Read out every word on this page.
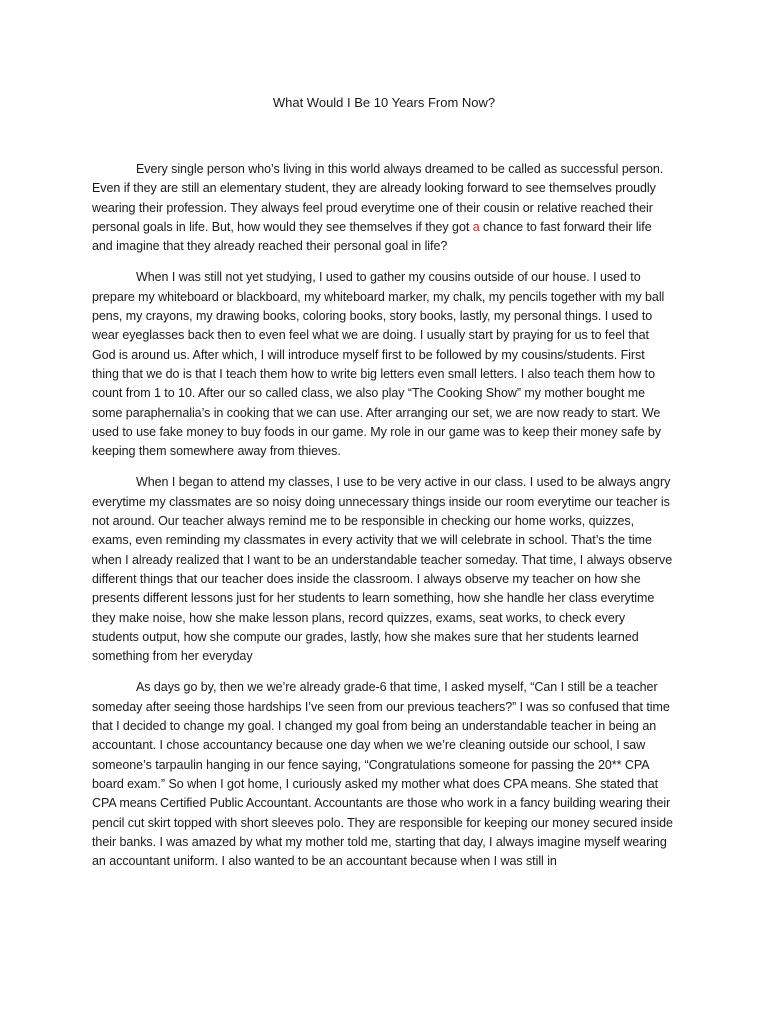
What Would I Be 10 Years From Now?

Every single person who’s living in this world always dreamed to be called as successful person. Even if they are still an elementary student, they are already looking forward to see themselves proudly wearing their profession. They always feel proud everytime one of their cousin or relative reached their personal goals in life. But, how would they see themselves if they got a chance to fast forward their life and imagine that they already reached their personal goal in life?

When I was still not yet studying, I used to gather my cousins outside of our house. I used to prepare my whiteboard or blackboard, my whiteboard marker, my chalk, my pencils together with my ball pens, my crayons, my drawing books, coloring books, story books, lastly, my personal things. I used to wear eyeglasses back then to even feel what we are doing. I usually start by praying for us to feel that God is around us. After which, I will introduce myself first to be followed by my cousins/students. First thing that we do is that I teach them how to write big letters even small letters. I also teach them how to count from 1 to 10. After our so called class, we also play “The Cooking Show” my mother bought me some paraphernalia’s in cooking that we can use. After arranging our set, we are now ready to start. We used to use fake money to buy foods in our game. My role in our game was to keep their money safe by keeping them somewhere away from thieves.

When I began to attend my classes, I use to be very active in our class. I used to be always angry everytime my classmates are so noisy doing unnecessary things inside our room everytime our teacher is not around. Our teacher always remind me to be responsible in checking our home works, quizzes, exams, even reminding my classmates in every activity that we will celebrate in school. That’s the time when I already realized that I want to be an understandable teacher someday. That time, I always observe different things that our teacher does inside the classroom. I always observe my teacher on how she presents different lessons just for her students to learn something, how she handle her class everytime they make noise, how she make lesson plans, record quizzes, exams, seat works, to check every students output, how she compute our grades, lastly, how she makes sure that her students learned something from her everyday

As days go by, then we we’re already grade-6 that time, I asked myself, “Can I still be a teacher someday after seeing those hardships I’ve seen from our previous teachers?” I was so confused that time that I decided to change my goal. I changed my goal from being an understandable teacher in being an accountant. I chose accountancy because one day when we we’re cleaning outside our school, I saw someone’s tarpaulin hanging in our fence saying, “Congratulations someone for passing the 20** CPA board exam.” So when I got home, I curiously asked my mother what does CPA means. She stated that CPA means Certified Public Accountant. Accountants are those who work in a fancy building wearing their pencil cut skirt topped with short sleeves polo. They are responsible for keeping our money secured inside their banks. I was amazed by what my mother told me, starting that day, I always imagine myself wearing an accountant uniform. I also wanted to be an accountant because when I was still in
